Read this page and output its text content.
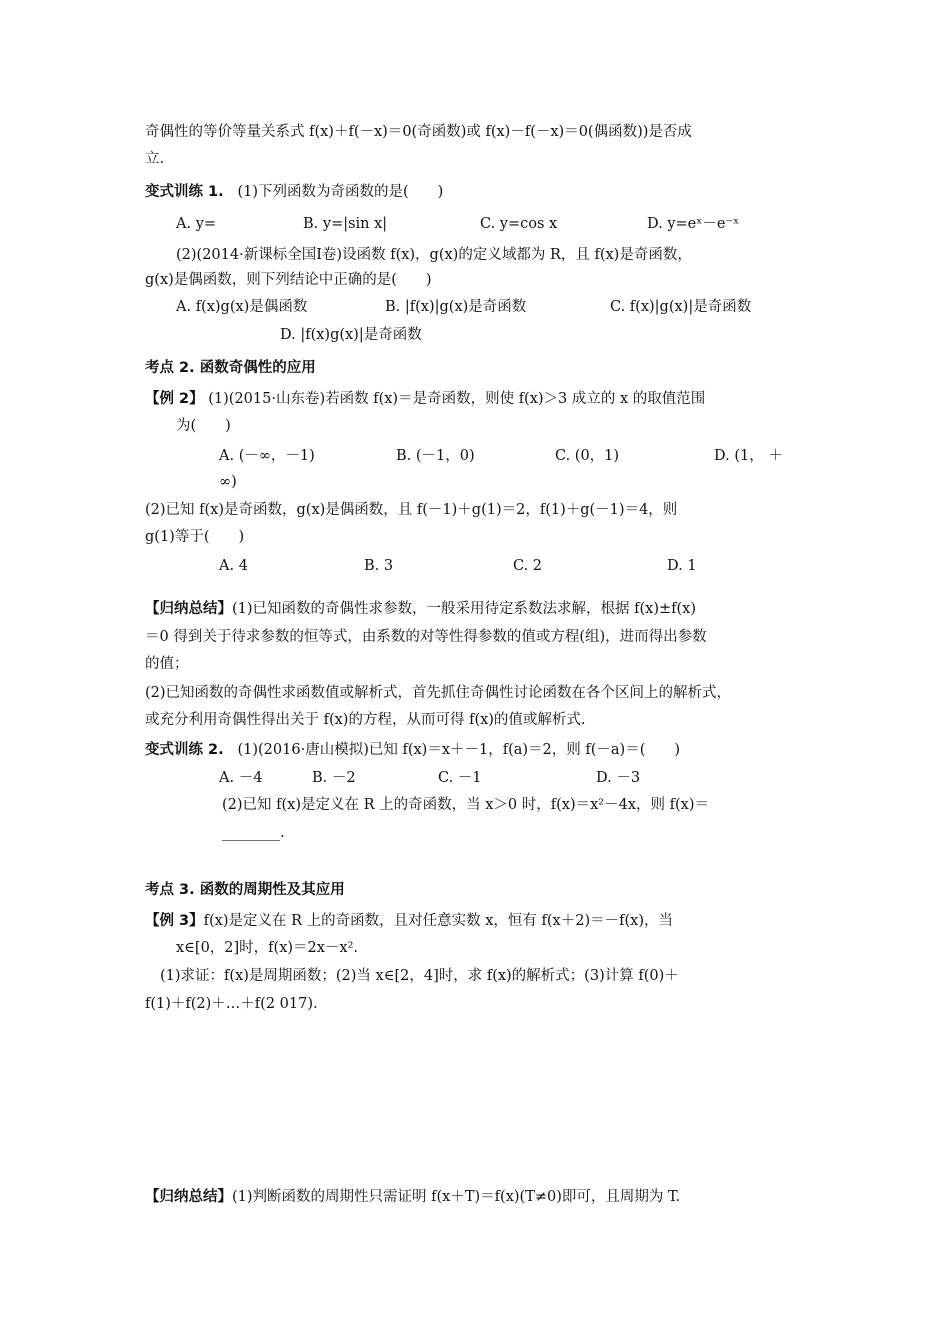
奇偶性的等价等量关系式 f(x)＋f(－x)＝0(奇函数)或 f(x)－f(－x)＝0(偶函数))是否成
立.
变式训练 1. (1)下列函数为奇函数的是(　　)
A. y=	B. y=|sin x|	C. y=cos x	D. y=eˣ－e⁻ˣ
(2)(2014·新课标全国Ⅰ卷)设函数 f(x)，g(x)的定义域都为 R，且 f(x)是奇函数，
g(x)是偶函数，则下列结论中正确的是(　　)
A. f(x)g(x)是偶函数	B. |f(x)|g(x)是奇函数	C. f(x)|g(x)|是奇函数
D. |f(x)g(x)|是奇函数
考点 2. 函数奇偶性的应用
【例 2】 (1)(2015·山东卷)若函数 f(x)＝是奇函数，则使 f(x)＞3 成立的 x 的取值范围
为(　　)
A. (－∞，－1)	B. (－1，0)	C. (0，1)	D. (1， ＋
∞)
(2)已知 f(x)是奇函数，g(x)是偶函数，且 f(－1)＋g(1)＝2，f(1)＋g(－1)＝4，则
g(1)等于(　　)
A. 4	B. 3	C. 2	D. 1
【归纳总结】(1)已知函数的奇偶性求参数，一般采用待定系数法求解，根据 f(x)±f(x)
＝0 得到关于待求参数的恒等式，由系数的对等性得参数的值或方程(组)，进而得出参数
的值；
(2)已知函数的奇偶性求函数值或解析式，首先抓住奇偶性讨论函数在各个区间上的解析式，
或充分利用奇偶性得出关于 f(x)的方程，从而可得 f(x)的值或解析式.
变式训练 2. (1)(2016·唐山模拟)已知 f(x)＝x＋－1，f(a)＝2，则 f(－a)＝(　　)
A. －4	B. －2	C. －1	D. －3
(2)已知 f(x)是定义在 R 上的奇函数，当 x＞0 时，f(x)＝x²－4x，则 f(x)＝
________.
考点 3. 函数的周期性及其应用
【例 3】f(x)是定义在 R 上的奇函数，且对任意实数 x，恒有 f(x＋2)＝－f(x)，当
x∈[0，2]时，f(x)＝2x－x².
(1)求证：f(x)是周期函数；(2)当 x∈[2，4]时，求 f(x)的解析式；(3)计算 f(0)＋
f(1)＋f(2)＋…＋f(2 017).
【归纳总结】(1)判断函数的周期性只需证明 f(x＋T)＝f(x)(T≠0)即可，且周期为 T.
